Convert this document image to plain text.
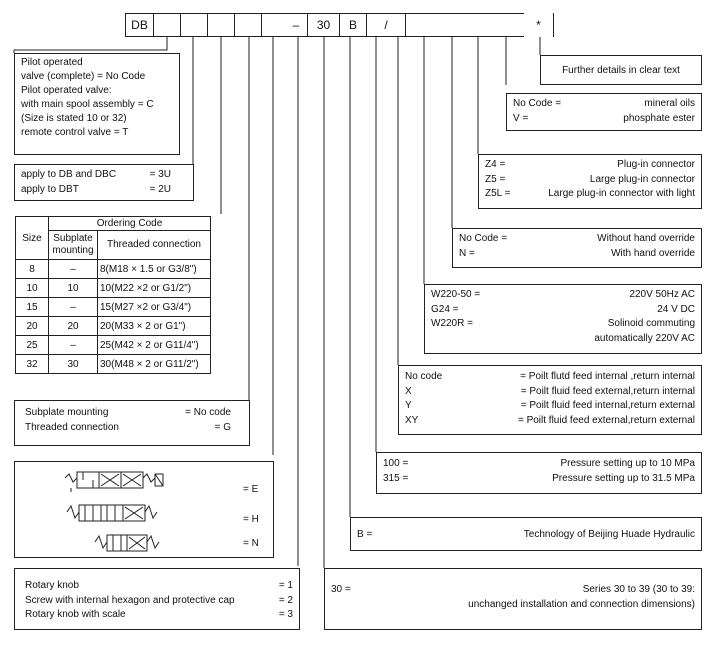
DB	–	30	B	/	*
Pilot operated
valve (complete) = No Code
Pilot operated valve:
with main spool assembly = C
(Size is stated 10 or 32)
remote control valve = T
apply to DB and DBC	= 3U
apply to DBT	= 2U
Size	Ordering Code	
	Subplate mounting	Threaded connection
8	–	8(M18 × 1.5 or G3/8")
10	10	10(M22 ×2 or G1/2")
15	–	15(M27 ×2 or G3/4")
20	20	20(M33 × 2 or G1")
25	–	25(M42 × 2 or G11/4")
32	30	30(M48 × 2 or G11/2")
Subplate mounting	= No code
Threaded connection	= G
= E
= H
= N
Rotary knob	= 1
Screw with internal hexagon and protective cap	= 2
Rotary knob with scale	= 3
Further details in clear text
No Code =	mineral oils
V =	phosphate ester
Z4 =	Plug-in connector
Z5 =	Large plug-in connector
Z5L =	Large plug-in connector with light
No Code =	Without hand override
N =	With hand override
W220-50 =	220V 50Hz AC
G24 =	24 V DC
W220R =	Solinoid commuting
automatically 220V AC
No code	= Poilt flutd feed internal ,return internal
X	= Poilt fluid feed external,return internal
Y	= Poilt fluid feed internal,return external
XY	= Poilt fluid feed external,return external
100 =	Pressure setting up to 10 MPa
315 =	Pressure setting up to 31.5 MPa
B =	Technology of Beijing Huade Hydraulic
30 =	Series 30 to 39 (30 to 39:
unchanged installation and connection dimensions)
